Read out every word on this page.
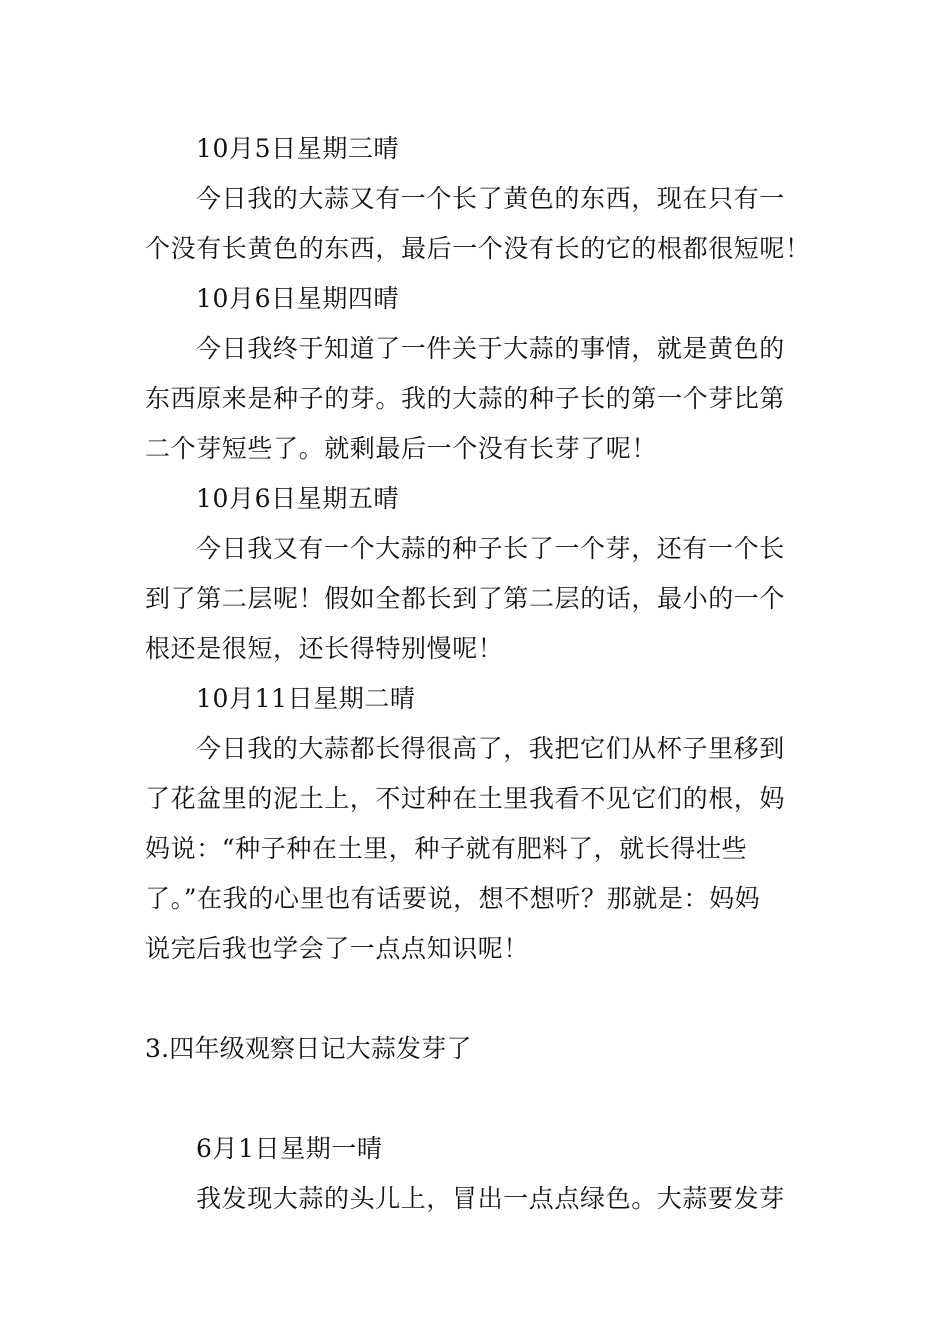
10月5日星期三晴
今日我的大蒜又有一个长了黄色的东西，现在只有一
个没有长黄色的东西，最后一个没有长的它的根都很短呢！
10月6日星期四晴
今日我终于知道了一件关于大蒜的事情，就是黄色的
东西原来是种子的芽。我的大蒜的种子长的第一个芽比第
二个芽短些了。就剩最后一个没有长芽了呢！
10月6日星期五晴
今日我又有一个大蒜的种子长了一个芽，还有一个长
到了第二层呢！假如全都长到了第二层的话，最小的一个
根还是很短，还长得特别慢呢！
10月11日星期二晴
今日我的大蒜都长得很高了，我把它们从杯子里移到
了花盆里的泥土上，不过种在土里我看不见它们的根，妈
妈说：“种子种在土里，种子就有肥料了，就长得壮些
了。”在我的心里也有话要说，想不想听？那就是：妈妈
说完后我也学会了一点点知识呢！
3.四年级观察日记大蒜发芽了
6月1日星期一晴
我发现大蒜的头儿上，冒出一点点绿色。大蒜要发芽
